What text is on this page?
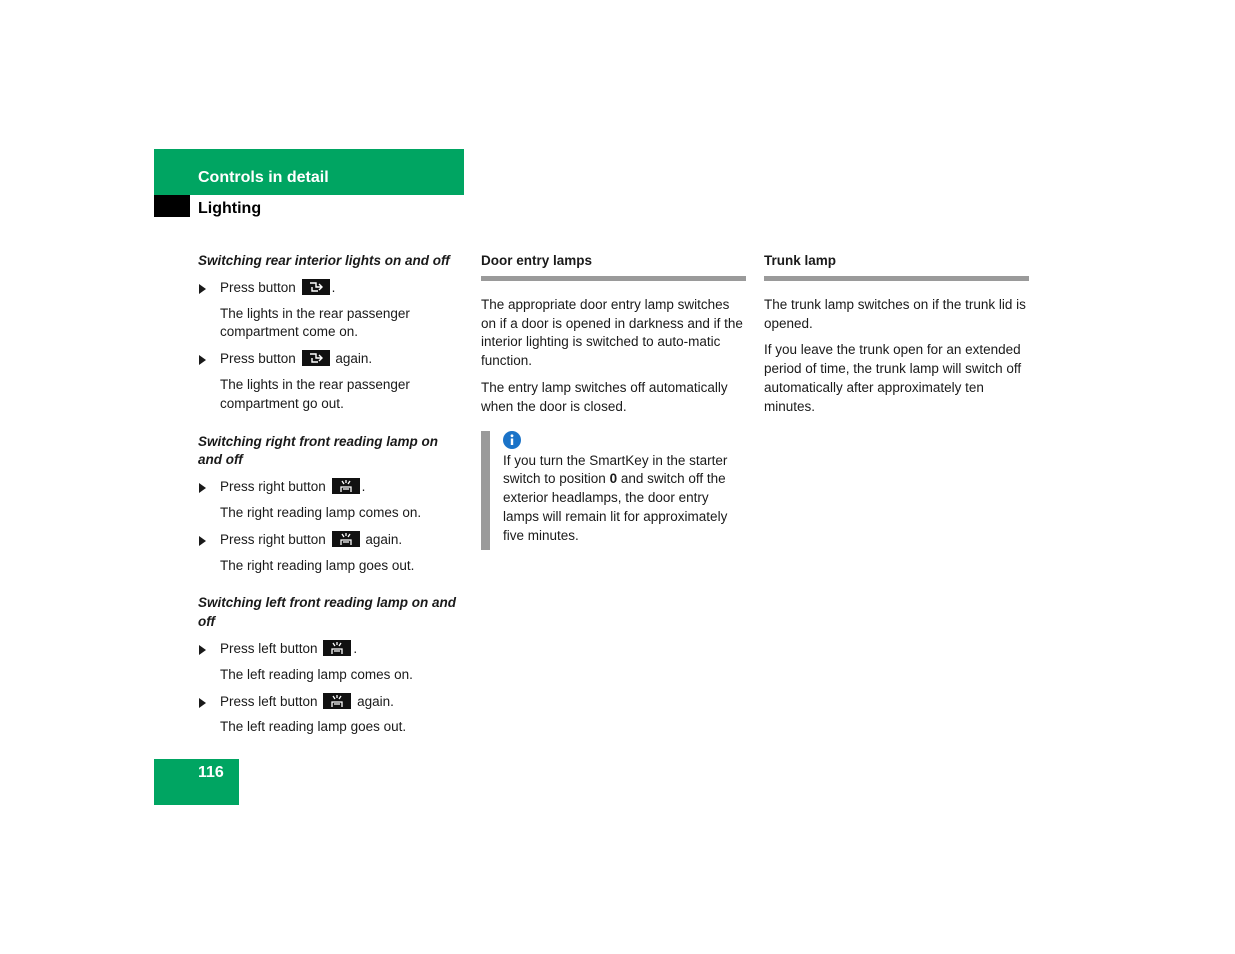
Controls in detail
Lighting
Switching rear interior lights on and off
Press button	.
The lights in the rear passenger compartment come on.
Press button	again.
The lights in the rear passenger compartment go out.
Switching right front reading lamp on and off
Press right button	.
The right reading lamp comes on.
Press right button	again.
The right reading lamp goes out.
Switching left front reading lamp on and off
Press left button	.
The left reading lamp comes on.
Press left button	again.
The left reading lamp goes out.
Door entry lamps

The appropriate door entry lamp switches on if a door is opened in darkness and if the interior lighting is switched to auto-matic function.

The entry lamp switches off automatically when the door is closed.

If you turn the SmartKey in the starter switch to position 0 and switch off the exterior headlamps, the door entry lamps will remain lit for approximately five minutes.
Trunk lamp

The trunk lamp switches on if the trunk lid is opened.

If you leave the trunk open for an extended period of time, the trunk lamp will switch off automatically after approximately ten minutes.

116
